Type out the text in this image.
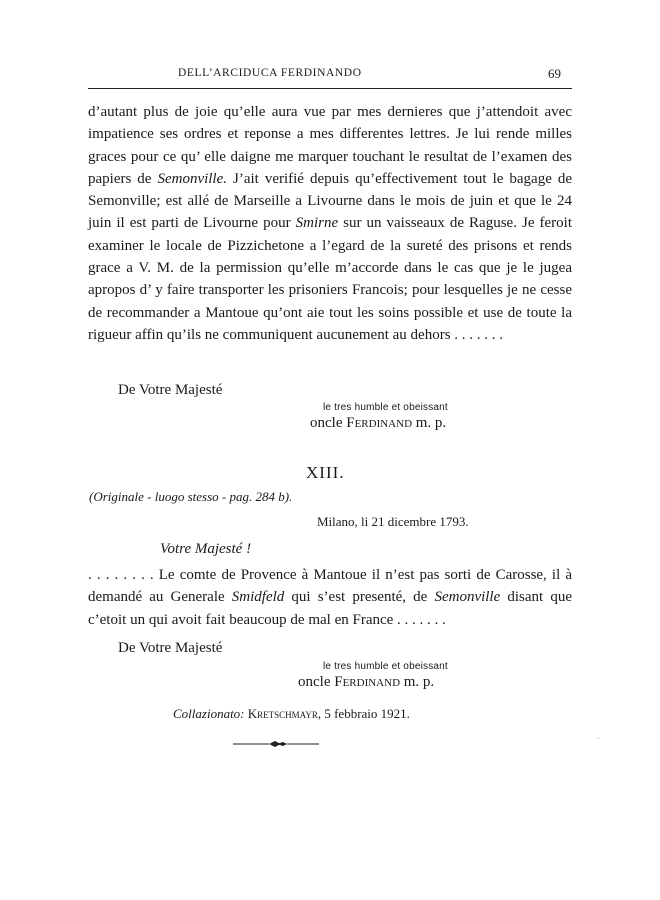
DELL’ARCIDUCA FERDINANDO	69

d’autant plus de joie qu’elle aura vue par mes dernieres que j’attendoit avec impatience ses ordres et reponse a mes differentes lettres. Je lui rende milles graces pour ce qu’ elle daigne me marquer touchant le resultat de l’examen des papiers de Semonville. J’ait verifié depuis qu’effectivement tout le bagage de Semonville; est allé de Marseille a Livourne dans le mois de juin et que le 24 juin il est parti de Livourne pour Smirne sur un vaisseaux de Raguse. Je feroit examiner le locale de Pizzichetone a l’egard de la sureté des prisons et rends grace a V. M. de la permission qu’elle m’accorde dans le cas que je le jugea apropos d’ y faire transporter les prisoniers Francois; pour lesquelles je ne cesse de recommander a Mantoue qu’ont aie tout les soins possible et use de toute la rigueur affin qu’ils ne communiquent aucunement au dehors . . . . . . .

De Votre Majesté
le tres humble et obeissant
oncle Ferdinand m. p.
XIII.
(Originale - luogo stesso - pag. 284 b).
Milano, li 21 dicembre 1793.
Votre Majesté !

. . . . . . . . Le comte de Provence à Mantoue il n’est pas sorti de Carosse, il à demandé au Generale Smidfeld qui s’est presenté, de Semonville disant que c’etoit un qui avoit fait beaucoup de mal en France . . . . . . .

De Votre Majesté
le tres humble et obeissant
oncle Ferdinand m. p.
Collazionato: Kretschmayr, 5 febbraio 1921.
·
